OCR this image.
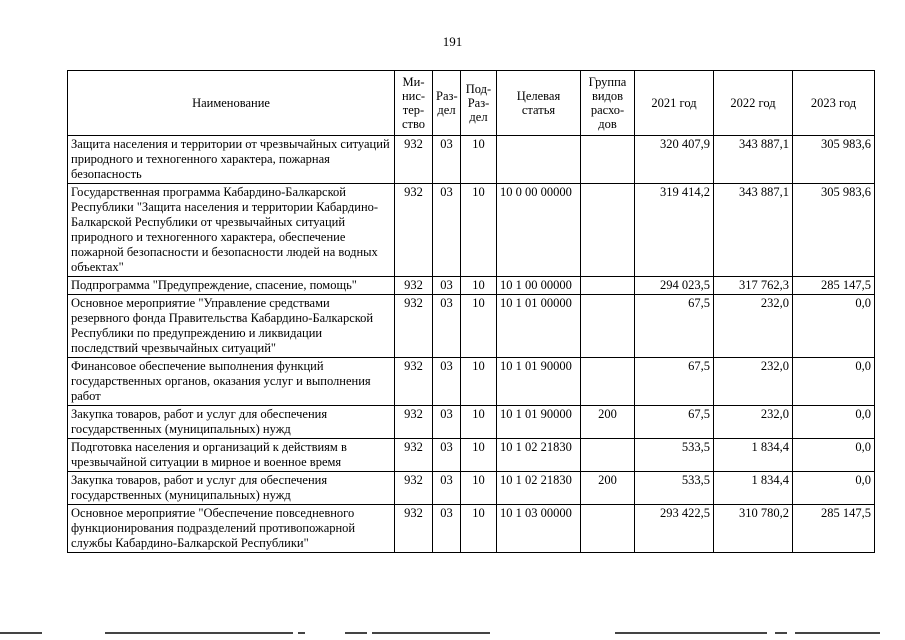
191
Наименование	Ми-
нис-
тер-
ство	Раз-
дел	Под-
Раз-
дел	Целевая
статья	Группа
видов
расхо-
дов	2021 год	2022 год	2023 год
Защита населения и территории от чрезвычайных ситуаций природного и техногенного характера, пожарная безопасность	932	03	10			320 407,9	343 887,1	305 983,6
Государственная программа Кабардино-Балкарской Республики "Защита населения и территории Кабардино-Балкарской Республики от чрезвычайных ситуаций природного и техногенного характера, обеспечение пожарной безопасности и безопасности людей на водных объектах"	932	03	10	10 0 00 00000		319 414,2	343 887,1	305 983,6
Подпрограмма "Предупреждение, спасение, помощь"	932	03	10	10 1 00 00000		294 023,5	317 762,3	285 147,5
Основное мероприятие "Управление средствами резервного фонда Правительства Кабардино-Балкарской Республики по предупреждению и ликвидации последствий чрезвычайных ситуаций"	932	03	10	10 1 01 00000		67,5	232,0	0,0
Финансовое обеспечение выполнения функций государственных органов, оказания услуг и выполнения работ	932	03	10	10 1 01 90000		67,5	232,0	0,0
Закупка товаров, работ и услуг для обеспечения государственных (муниципальных) нужд	932	03	10	10 1 01 90000	200	67,5	232,0	0,0
Подготовка населения и организаций к действиям в чрезвычайной ситуации в мирное и военное время	932	03	10	10 1 02 21830		533,5	1 834,4	0,0
Закупка товаров, работ и услуг для обеспечения государственных (муниципальных) нужд	932	03	10	10 1 02 21830	200	533,5	1 834,4	0,0
Основное мероприятие "Обеспечение повседневного функционирования подразделений противопожарной службы Кабардино-Балкарской Республики"	932	03	10	10 1 03 00000		293 422,5	310 780,2	285 147,5
